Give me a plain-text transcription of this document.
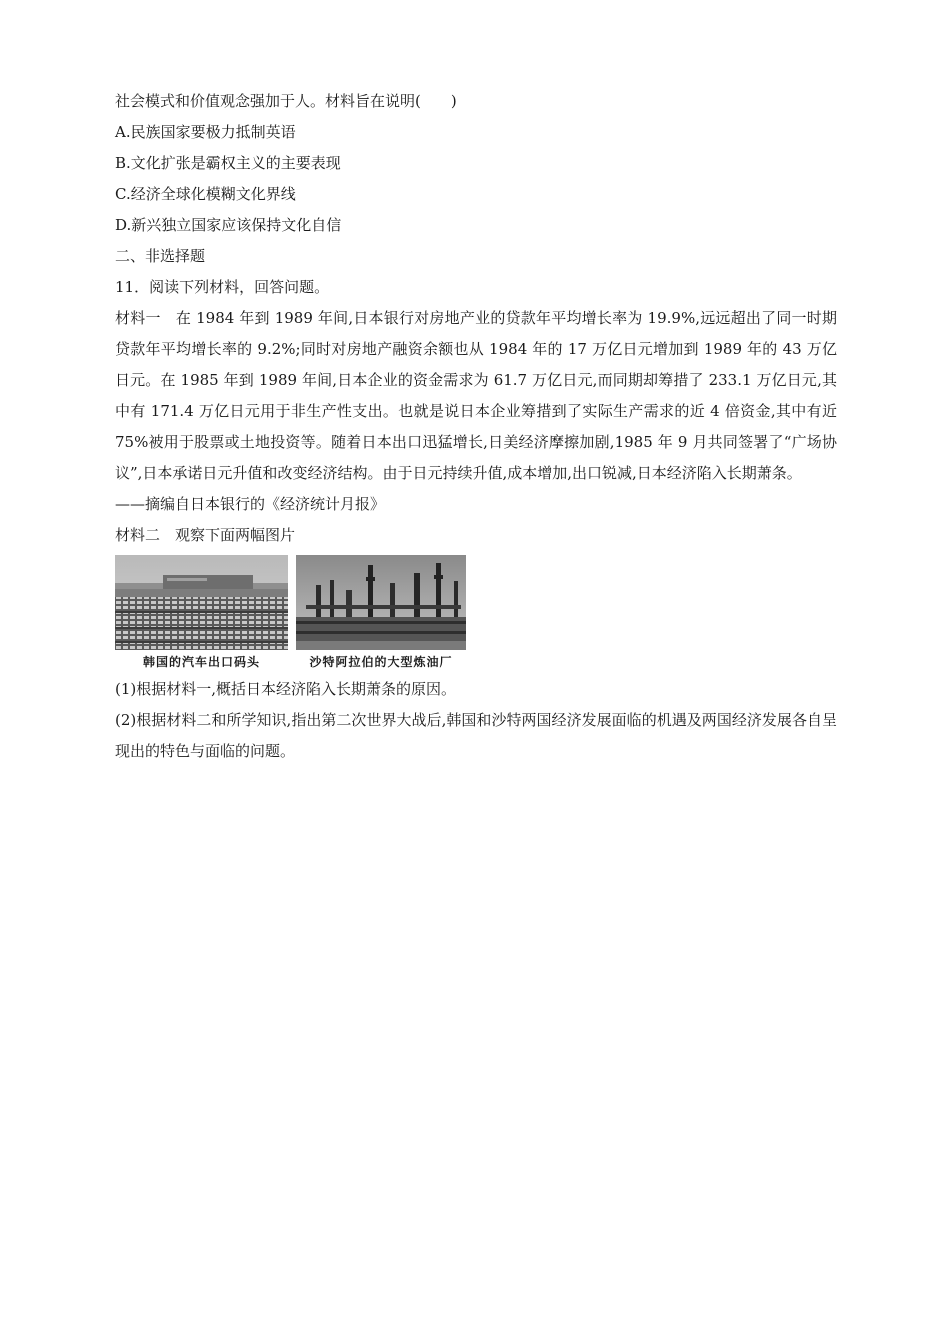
社会模式和价值观念强加于人。材料旨在说明(　　)
A.民族国家要极力抵制英语
B.文化扩张是霸权主义的主要表现
C.经济全球化模糊文化界线
D.新兴独立国家应该保持文化自信
二、非选择题
11．阅读下列材料，回答问题。
材料一　在 1984 年到 1989 年间,日本银行对房地产业的贷款年平均增长率为 19.9%,远远超出了同一时期贷款年平均增长率的 9.2%;同时对房地产融资余额也从 1984 年的 17 万亿日元增加到 1989 年的 43 万亿日元。在 1985 年到 1989 年间,日本企业的资金需求为 61.7 万亿日元,而同期却筹措了 233.1 万亿日元,其中有 171.4 万亿日元用于非生产性支出。也就是说日本企业筹措到了实际生产需求的近 4 倍资金,其中有近 75%被用于股票或土地投资等。随着日本出口迅猛增长,日美经济摩擦加剧,1985 年 9 月共同签署了“广场协议”,日本承诺日元升值和改变经济结构。由于日元持续升值,成本增加,出口锐减,日本经济陷入长期萧条。
——摘编自日本银行的《经济统计月报》
材料二　观察下面两幅图片
韩国的汽车出口码头	沙特阿拉伯的大型炼油厂
(1)根据材料一,概括日本经济陷入长期萧条的原因。
(2)根据材料二和所学知识,指出第二次世界大战后,韩国和沙特两国经济发展面临的机遇及两国经济发展各自呈现出的特色与面临的问题。
